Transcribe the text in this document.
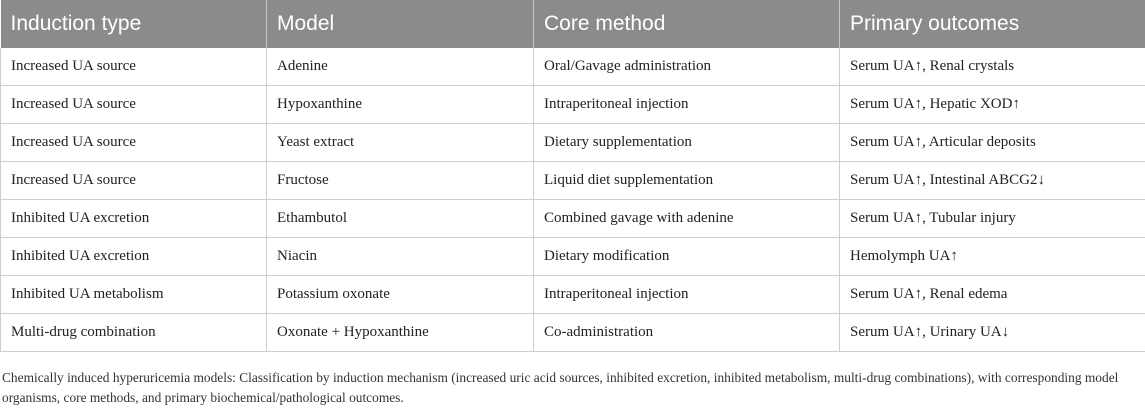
Induction type	Model	Core method	Primary outcomes
Increased UA source	Adenine	Oral/Gavage administration	Serum UA↑, Renal crystals
Increased UA source	Hypoxanthine	Intraperitoneal injection	Serum UA↑, Hepatic XOD↑
Increased UA source	Yeast extract	Dietary supplementation	Serum UA↑, Articular deposits
Increased UA source	Fructose	Liquid diet supplementation	Serum UA↑, Intestinal ABCG2↓
Inhibited UA excretion	Ethambutol	Combined gavage with adenine	Serum UA↑, Tubular injury
Inhibited UA excretion	Niacin	Dietary modification	Hemolymph UA↑
Inhibited UA metabolism	Potassium oxonate	Intraperitoneal injection	Serum UA↑, Renal edema
Multi-drug combination	Oxonate + Hypoxanthine	Co-administration	Serum UA↑, Urinary UA↓

Chemically induced hyperuricemia models: Classification by induction mechanism (increased uric acid sources, inhibited excretion, inhibited metabolism, multi-drug combinations), with corresponding model organisms, core methods, and primary biochemical/pathological outcomes.
